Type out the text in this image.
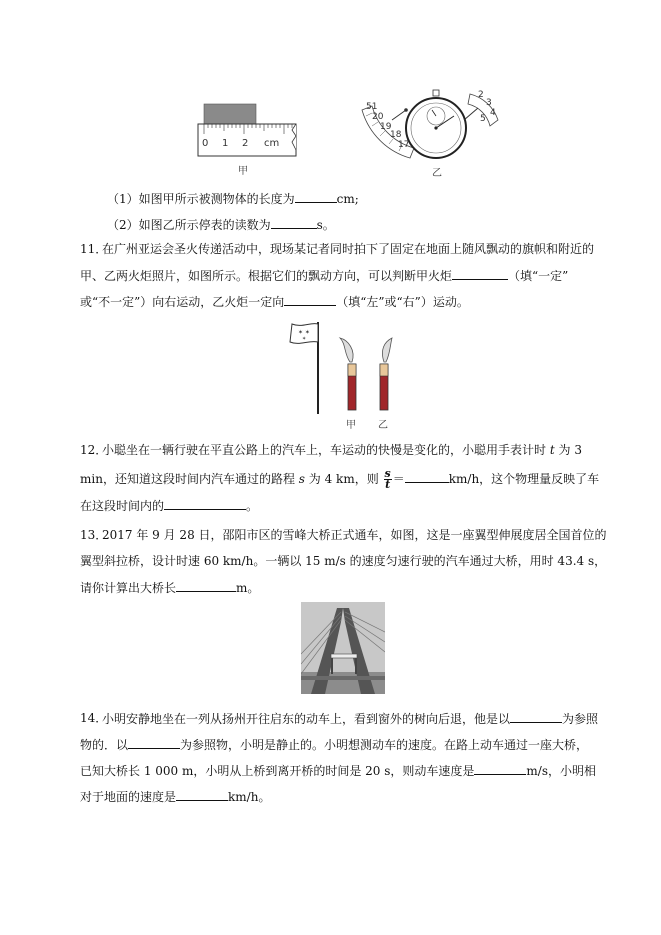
0 1 2 cm
甲
51
20
19
18
17
2
3
4
5
乙
（1）如图甲所示被测物体的长度为	cm;
（2）如图乙所示停表的读数为	s。
11．
在广州亚运会圣火传递活动中，现场某记者同时拍下了固定在地面上随风飘动的旗帜和附近的
甲、乙两火炬照片，如图所示。根据它们的飘动方向，可以判断甲火炬	（填“一定”
或“不一定”）向右运动，乙火炬一定向	（填“左”或“右”）运动。
✶ ✶
✶
甲 乙
12．
小聪坐在一辆行驶在平直公路上的汽车上，车运动的快慢是变化的，小聪用手表计时 t 为 3
min，还知道这段时间内汽车通过的路程 s 为 4 km，则 $\frac{s}{t}$ ＝	km/h，这个物理量反映了车
在这段时间内的	。
13．
2017 年 9 月 28 日，邵阳市区的雪峰大桥正式通车，如图，这是一座翼型伸展度居全国首位的
翼型斜拉桥，设计时速 60 km/h。一辆以 15 m/s 的速度匀速行驶的汽车通过大桥，用时 43.4 s，
请你计算出大桥长	m。
14．
小明安静地坐在一列从扬州开往启东的动车上，看到窗外的树向后退，他是以	为参照
物的．以	为参照物，小明是静止的。小明想测动车的速度。在路上动车通过一座大桥，
已知大桥长 1 000 m，小明从上桥到离开桥的时间是 20 s，则动车速度是	m/s，小明相
对于地面的速度是	km/h。
